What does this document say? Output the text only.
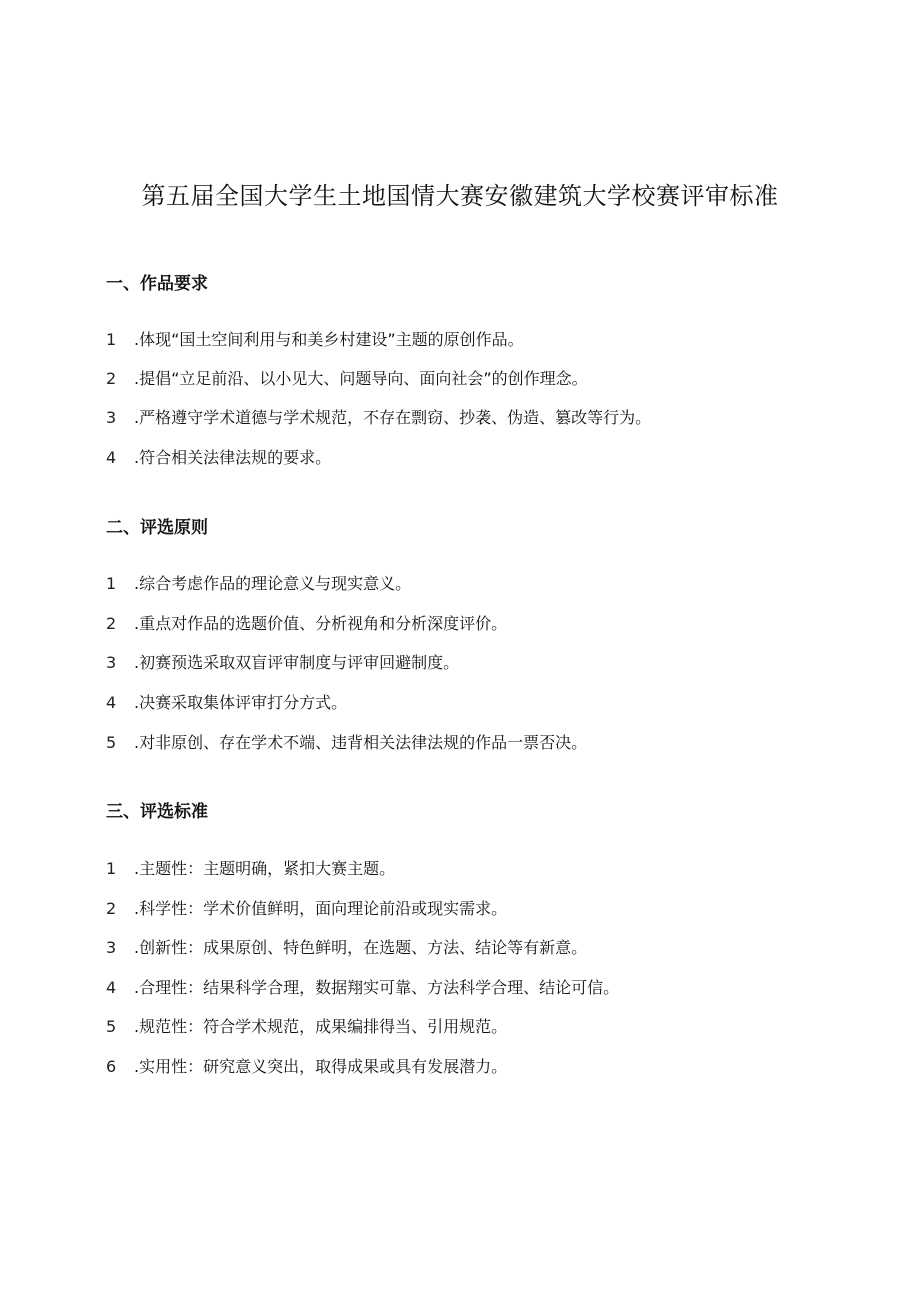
第五届全国大学生土地国情大赛安徽建筑大学校赛评审标准
一、作品要求

1 .体现“国土空间利用与和美乡村建设”主题的原创作品。

2 .提倡“立足前沿、以小见大、问题导向、面向社会”的创作理念。

3 .严格遵守学术道德与学术规范，不存在剽窃、抄袭、伪造、篡改等行为。

4 .符合相关法律法规的要求。

二、评选原则

1 .综合考虑作品的理论意义与现实意义。

2 .重点对作品的选题价值、分析视角和分析深度评价。

3 .初赛预选采取双盲评审制度与评审回避制度。

4 .决赛采取集体评审打分方式。

5 .对非原创、存在学术不端、违背相关法律法规的作品一票否决。

三、评选标准

1 .主题性：主题明确，紧扣大赛主题。

2 .科学性：学术价值鲜明，面向理论前沿或现实需求。

3 .创新性：成果原创、特色鲜明，在选题、方法、结论等有新意。

4 .合理性：结果科学合理，数据翔实可靠、方法科学合理、结论可信。

5 .规范性：符合学术规范，成果编排得当、引用规范。

6 .实用性：研究意义突出，取得成果或具有发展潜力。
